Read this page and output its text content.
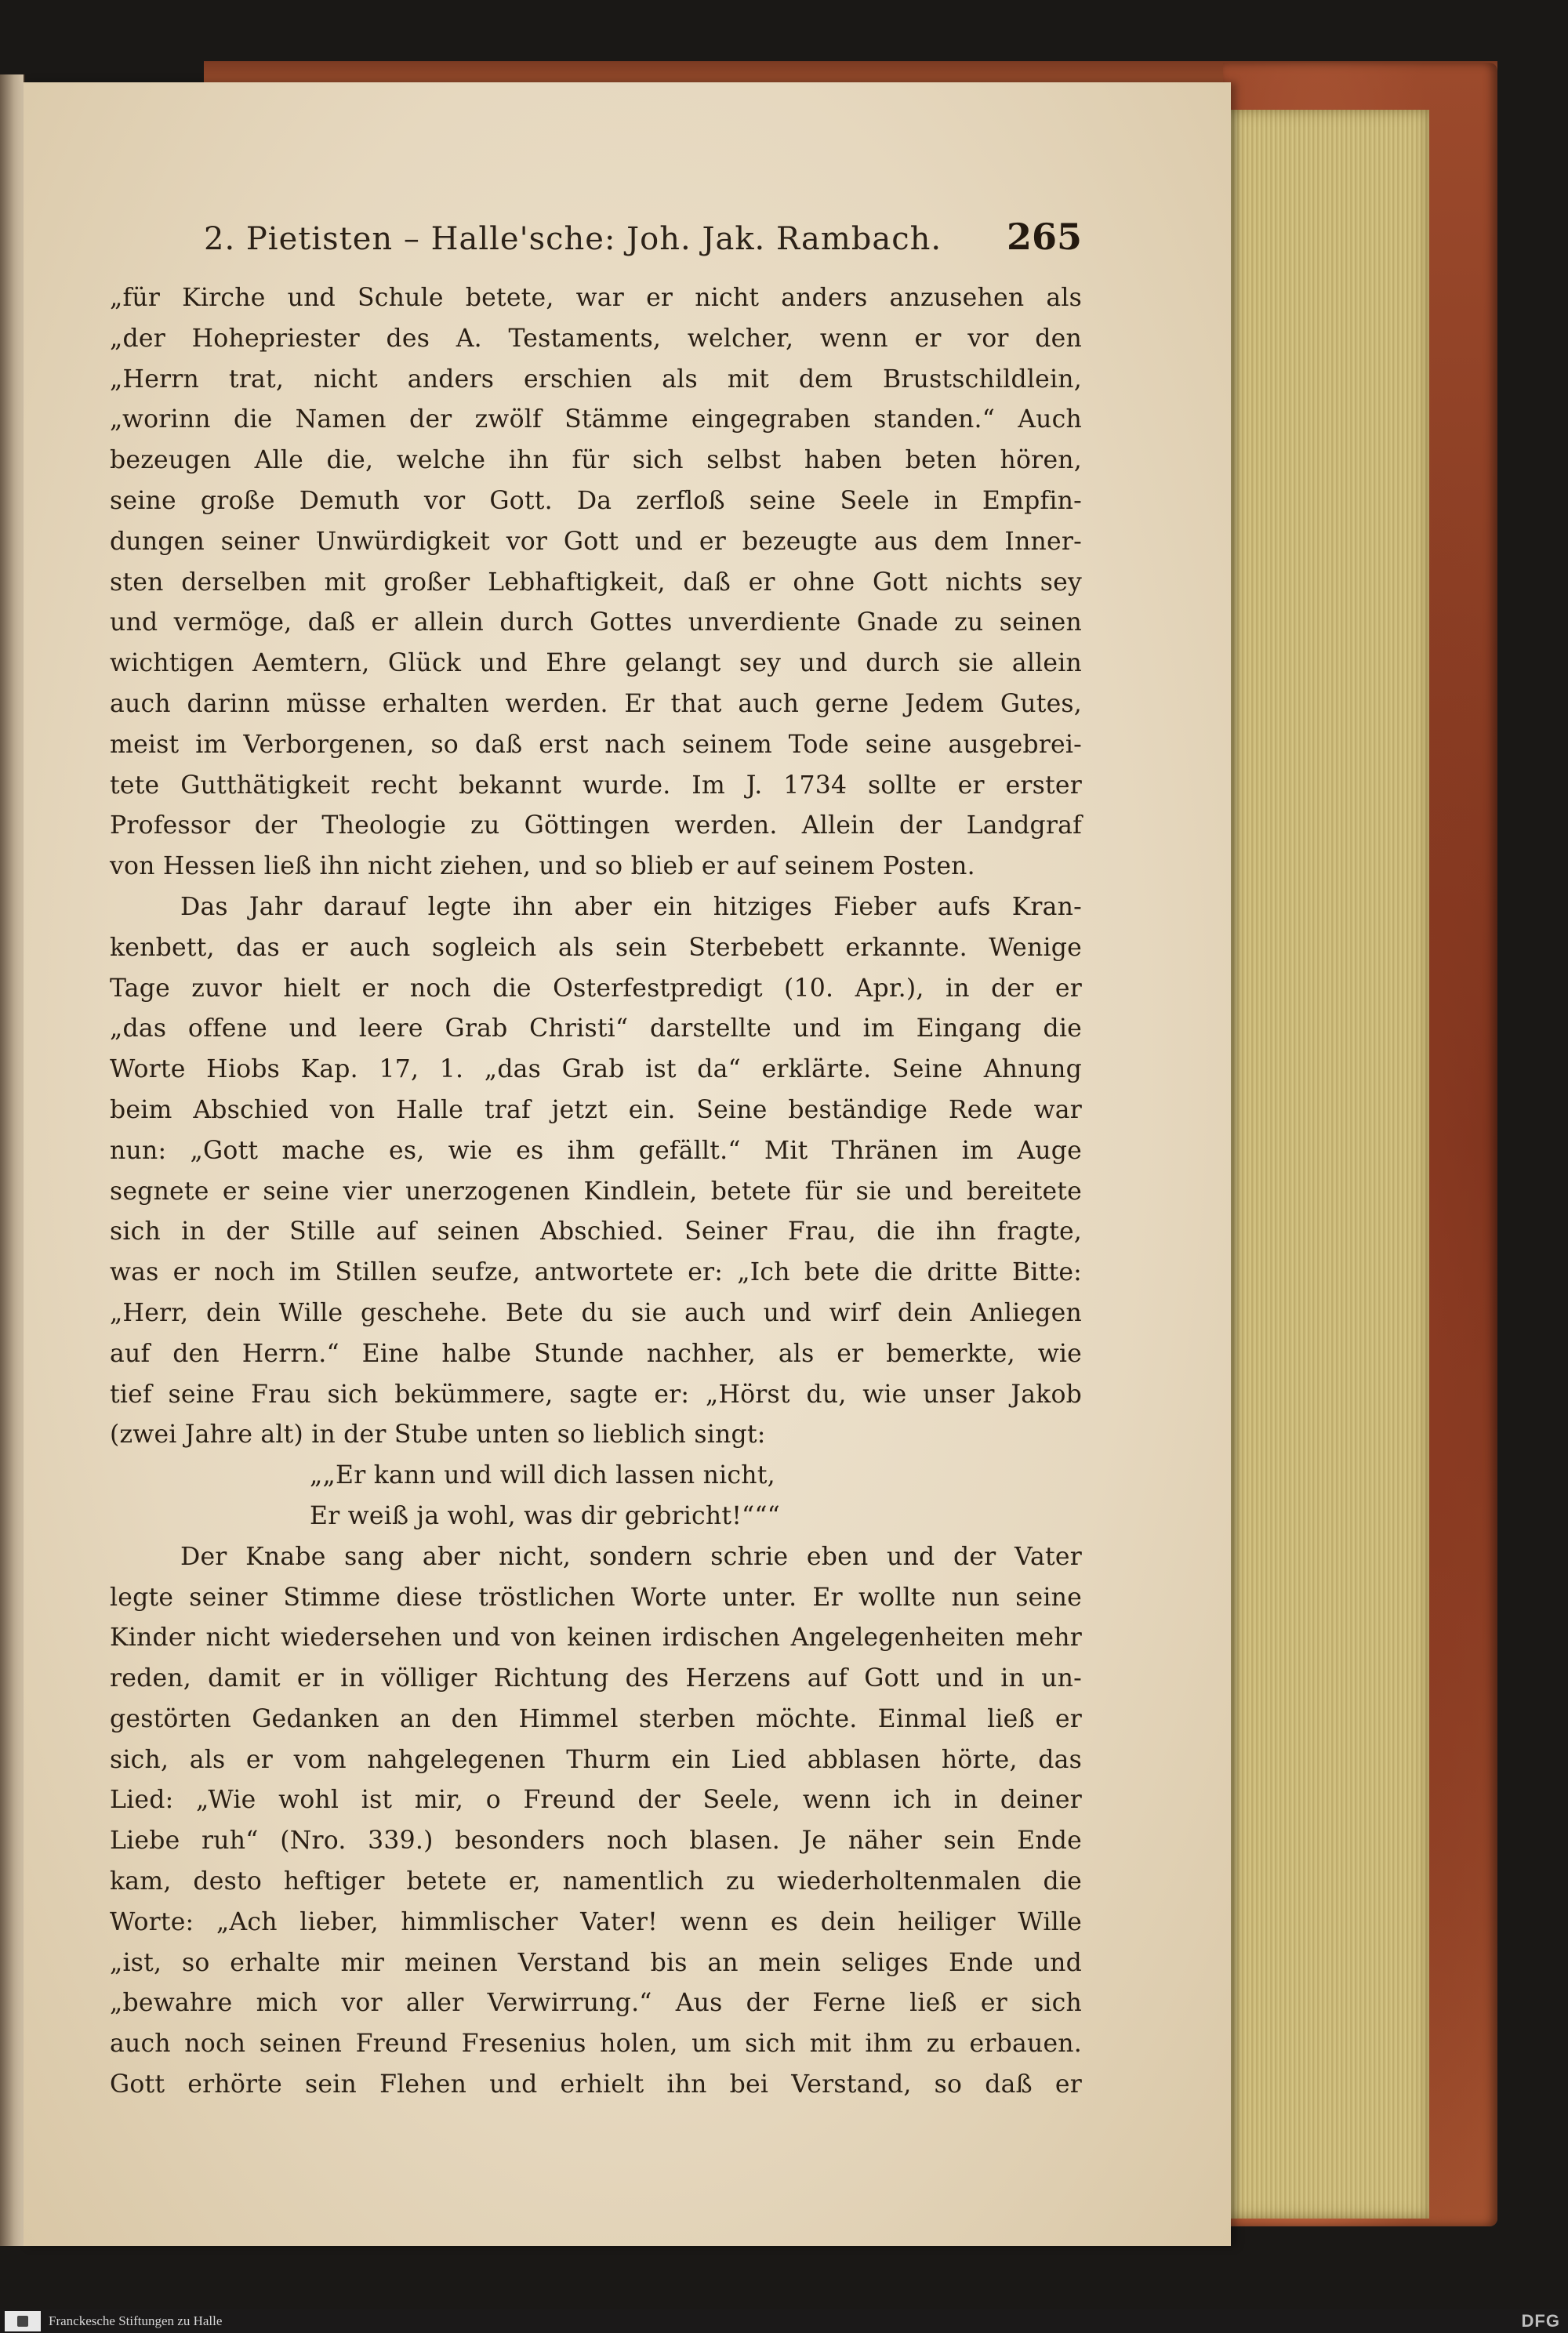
2. Pietisten – Halle'sche: Joh. Jak. Rambach. 265
„für Kirche und Schule betete, war er nicht anders anzusehen als
„der Hohepriester des A. Testaments, welcher, wenn er vor den
„Herrn trat, nicht anders erschien als mit dem Brustschildlein,
„worinn die Namen der zwölf Stämme eingegraben standen.“ Auch
bezeugen Alle die, welche ihn für sich selbst haben beten hören,
seine große Demuth vor Gott. Da zerfloß seine Seele in Empfin-
dungen seiner Unwürdigkeit vor Gott und er bezeugte aus dem Inner-
sten derselben mit großer Lebhaftigkeit, daß er ohne Gott nichts sey
und vermöge, daß er allein durch Gottes unverdiente Gnade zu seinen
wichtigen Aemtern, Glück und Ehre gelangt sey und durch sie allein
auch darinn müsse erhalten werden. Er that auch gerne Jedem Gutes,
meist im Verborgenen, so daß erst nach seinem Tode seine ausgebrei-
tete Gutthätigkeit recht bekannt wurde. Im J. 1734 sollte er erster
Professor der Theologie zu Göttingen werden. Allein der Landgraf
von Hessen ließ ihn nicht ziehen, und so blieb er auf seinem Posten.
Das Jahr darauf legte ihn aber ein hitziges Fieber aufs Kran-
kenbett, das er auch sogleich als sein Sterbebett erkannte. Wenige
Tage zuvor hielt er noch die Osterfestpredigt (10. Apr.), in der er
„das offene und leere Grab Christi“ darstellte und im Eingang die
Worte Hiobs Kap. 17, 1. „das Grab ist da“ erklärte. Seine Ahnung
beim Abschied von Halle traf jetzt ein. Seine beständige Rede war
nun: „Gott mache es, wie es ihm gefällt.“ Mit Thränen im Auge
segnete er seine vier unerzogenen Kindlein, betete für sie und bereitete
sich in der Stille auf seinen Abschied. Seiner Frau, die ihn fragte,
was er noch im Stillen seufze, antwortete er: „Ich bete die dritte Bitte:
„Herr, dein Wille geschehe. Bete du sie auch und wirf dein Anliegen
auf den Herrn.“ Eine halbe Stunde nachher, als er bemerkte, wie
tief seine Frau sich bekümmere, sagte er: „Hörst du, wie unser Jakob
(zwei Jahre alt) in der Stube unten so lieblich singt:
„„Er kann und will dich lassen nicht,
Er weiß ja wohl, was dir gebricht!“““
Der Knabe sang aber nicht, sondern schrie eben und der Vater
legte seiner Stimme diese tröstlichen Worte unter. Er wollte nun seine
Kinder nicht wiedersehen und von keinen irdischen Angelegenheiten mehr
reden, damit er in völliger Richtung des Herzens auf Gott und in un-
gestörten Gedanken an den Himmel sterben möchte. Einmal ließ er
sich, als er vom nahgelegenen Thurm ein Lied abblasen hörte, das
Lied: „Wie wohl ist mir, o Freund der Seele, wenn ich in deiner
Liebe ruh“ (Nro. 339.) besonders noch blasen. Je näher sein Ende
kam, desto heftiger betete er, namentlich zu wiederholtenmalen die
Worte: „Ach lieber, himmlischer Vater! wenn es dein heiliger Wille
„ist, so erhalte mir meinen Verstand bis an mein seliges Ende und
„bewahre mich vor aller Verwirrung.“ Aus der Ferne ließ er sich
auch noch seinen Freund Fresenius holen, um sich mit ihm zu erbauen.
Gott erhörte sein Flehen und erhielt ihn bei Verstand, so daß er
Franckesche Stiftungen zu Halle	DFG
